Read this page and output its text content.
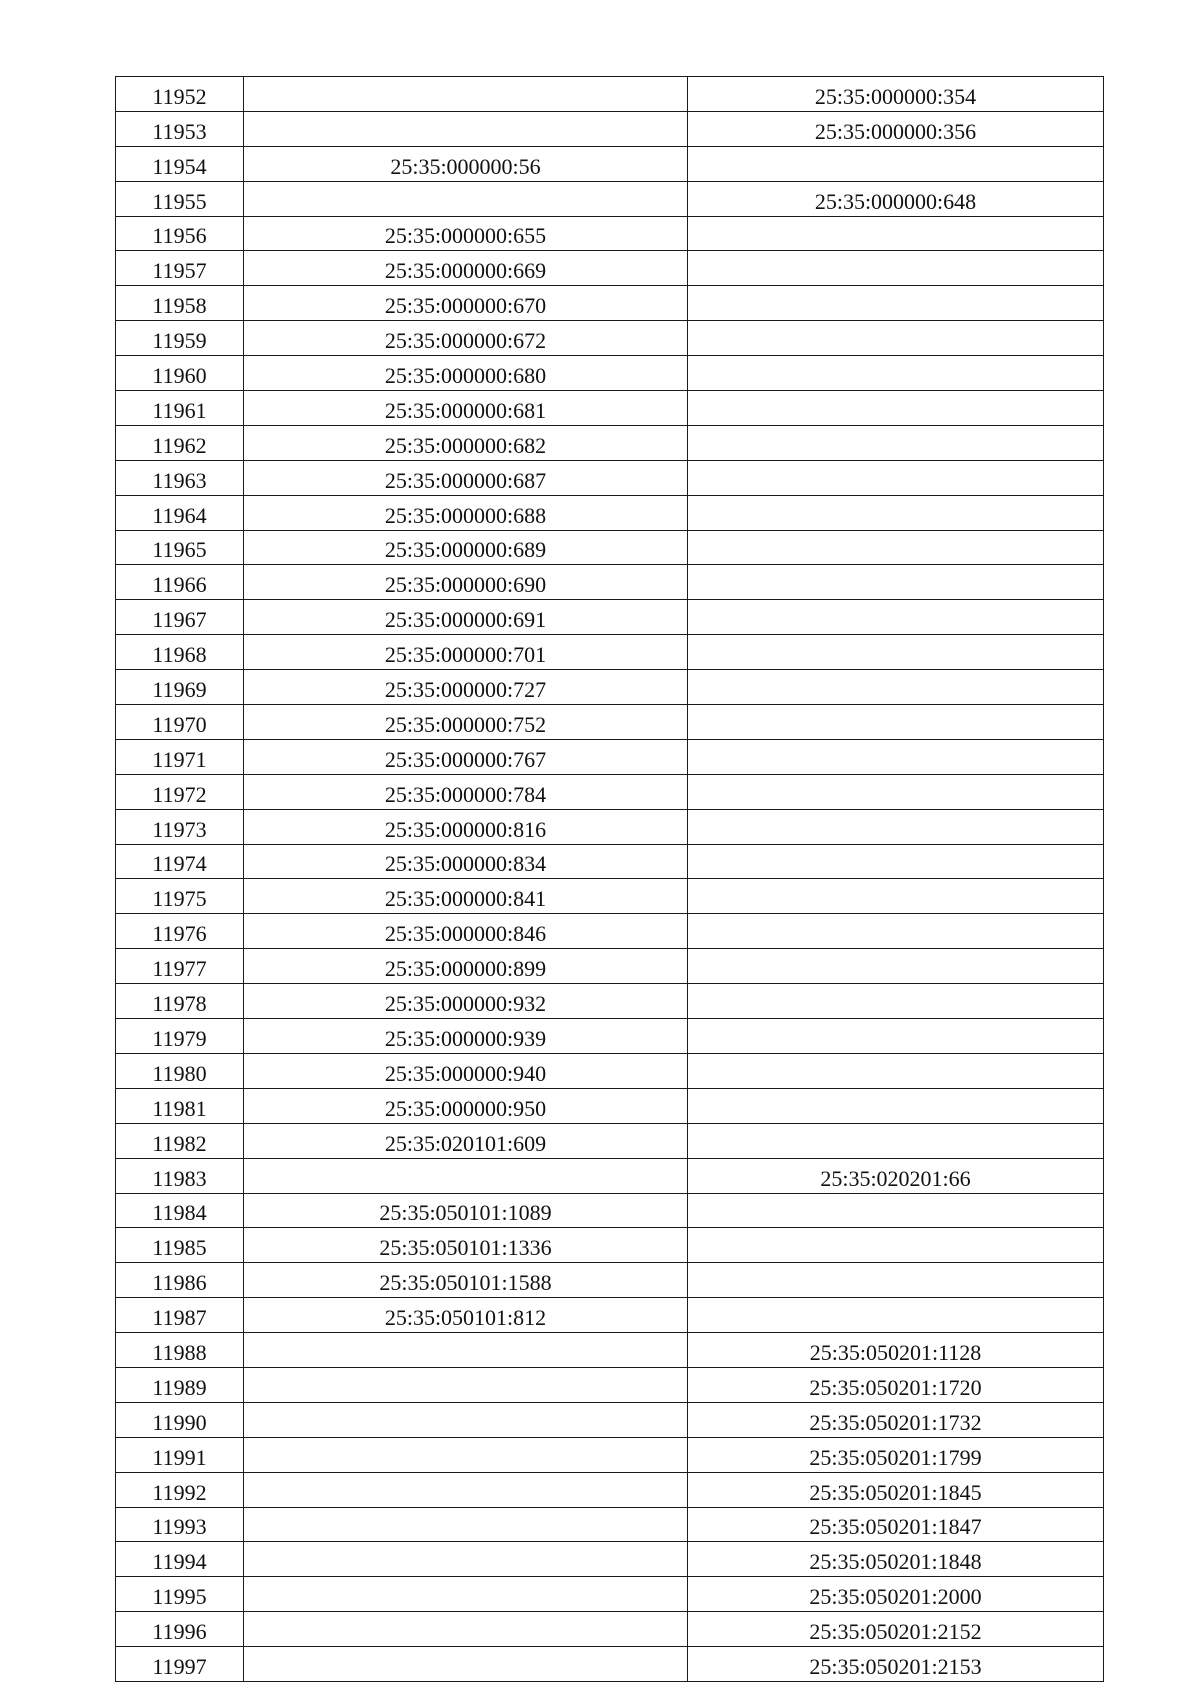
11952		25:35:000000:354
11953		25:35:000000:356
11954	25:35:000000:56	
11955		25:35:000000:648
11956	25:35:000000:655	
11957	25:35:000000:669	
11958	25:35:000000:670	
11959	25:35:000000:672	
11960	25:35:000000:680	
11961	25:35:000000:681	
11962	25:35:000000:682	
11963	25:35:000000:687	
11964	25:35:000000:688	
11965	25:35:000000:689	
11966	25:35:000000:690	
11967	25:35:000000:691	
11968	25:35:000000:701	
11969	25:35:000000:727	
11970	25:35:000000:752	
11971	25:35:000000:767	
11972	25:35:000000:784	
11973	25:35:000000:816	
11974	25:35:000000:834	
11975	25:35:000000:841	
11976	25:35:000000:846	
11977	25:35:000000:899	
11978	25:35:000000:932	
11979	25:35:000000:939	
11980	25:35:000000:940	
11981	25:35:000000:950	
11982	25:35:020101:609	
11983		25:35:020201:66
11984	25:35:050101:1089	
11985	25:35:050101:1336	
11986	25:35:050101:1588	
11987	25:35:050101:812	
11988		25:35:050201:1128
11989		25:35:050201:1720
11990		25:35:050201:1732
11991		25:35:050201:1799
11992		25:35:050201:1845
11993		25:35:050201:1847
11994		25:35:050201:1848
11995		25:35:050201:2000
11996		25:35:050201:2152
11997		25:35:050201:2153
